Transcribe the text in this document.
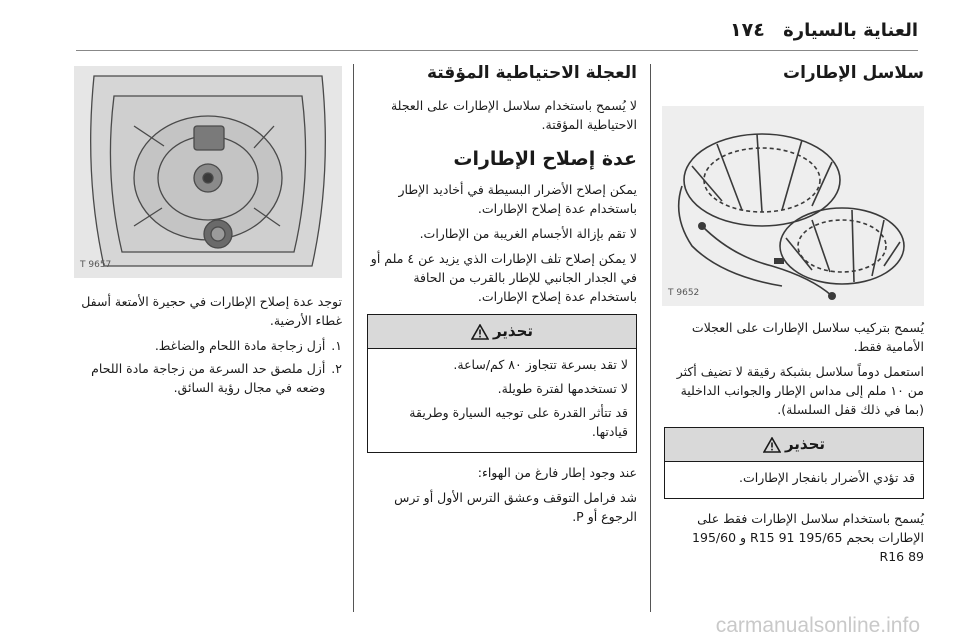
العناية بالسيارة
١٧٤
سلاسل الإطارات
9652 T

يُسمح بتركيب سلاسل الإطارات على العجلات الأمامية فقط.

استعمل دوماً سلاسل بشبكة رقيقة لا تضيف أكثر من ١٠ ملم إلى مداس الإطار والجوانب الداخلية (بما في ذلك قفل السلسلة).

تحذير

قد تؤدي الأضرار بانفجار الإطارات.

يُسمح باستخدام سلاسل الإطارات فقط على الإطارات بحجم 195/65 R15 91 و 195/60 R16 89

العجلة الاحتياطية المؤقتة

لا يُسمح باستخدام سلاسل الإطارات على العجلة الاحتياطية المؤقتة.

عدة إصلاح الإطارات

يمكن إصلاح الأضرار البسيطة في أخاديد الإطار باستخدام عدة إصلاح الإطارات.

لا تقم بإزالة الأجسام الغريبة من الإطارات.

لا يمكن إصلاح تلف الإطارات الذي يزيد عن ٤ ملم أو في الجدار الجانبي للإطار بالقرب من الحافة باستخدام عدة إصلاح الإطارات.

تحذير

لا تقد بسرعة تتجاوز ٨٠ كم/ساعة.

لا تستخدمها لفترة طويلة.

قد تتأثر القدرة على توجيه السيارة وطريقة قيادتها.

عند وجود إطار فارغ من الهواء:

شد فرامل التوقف وعشق الترس الأول أو ترس الرجوع أو P.

9657 T

توجد عدة إصلاح الإطارات في حجيرة الأمتعة أسفل غطاء الأرضية.

١.
أزل زجاجة مادة اللحام والضاغط.
٢.
أزل ملصق حد السرعة من زجاجة مادة اللحام وضعه في مجال رؤية السائق.
carmanualsonline.info
